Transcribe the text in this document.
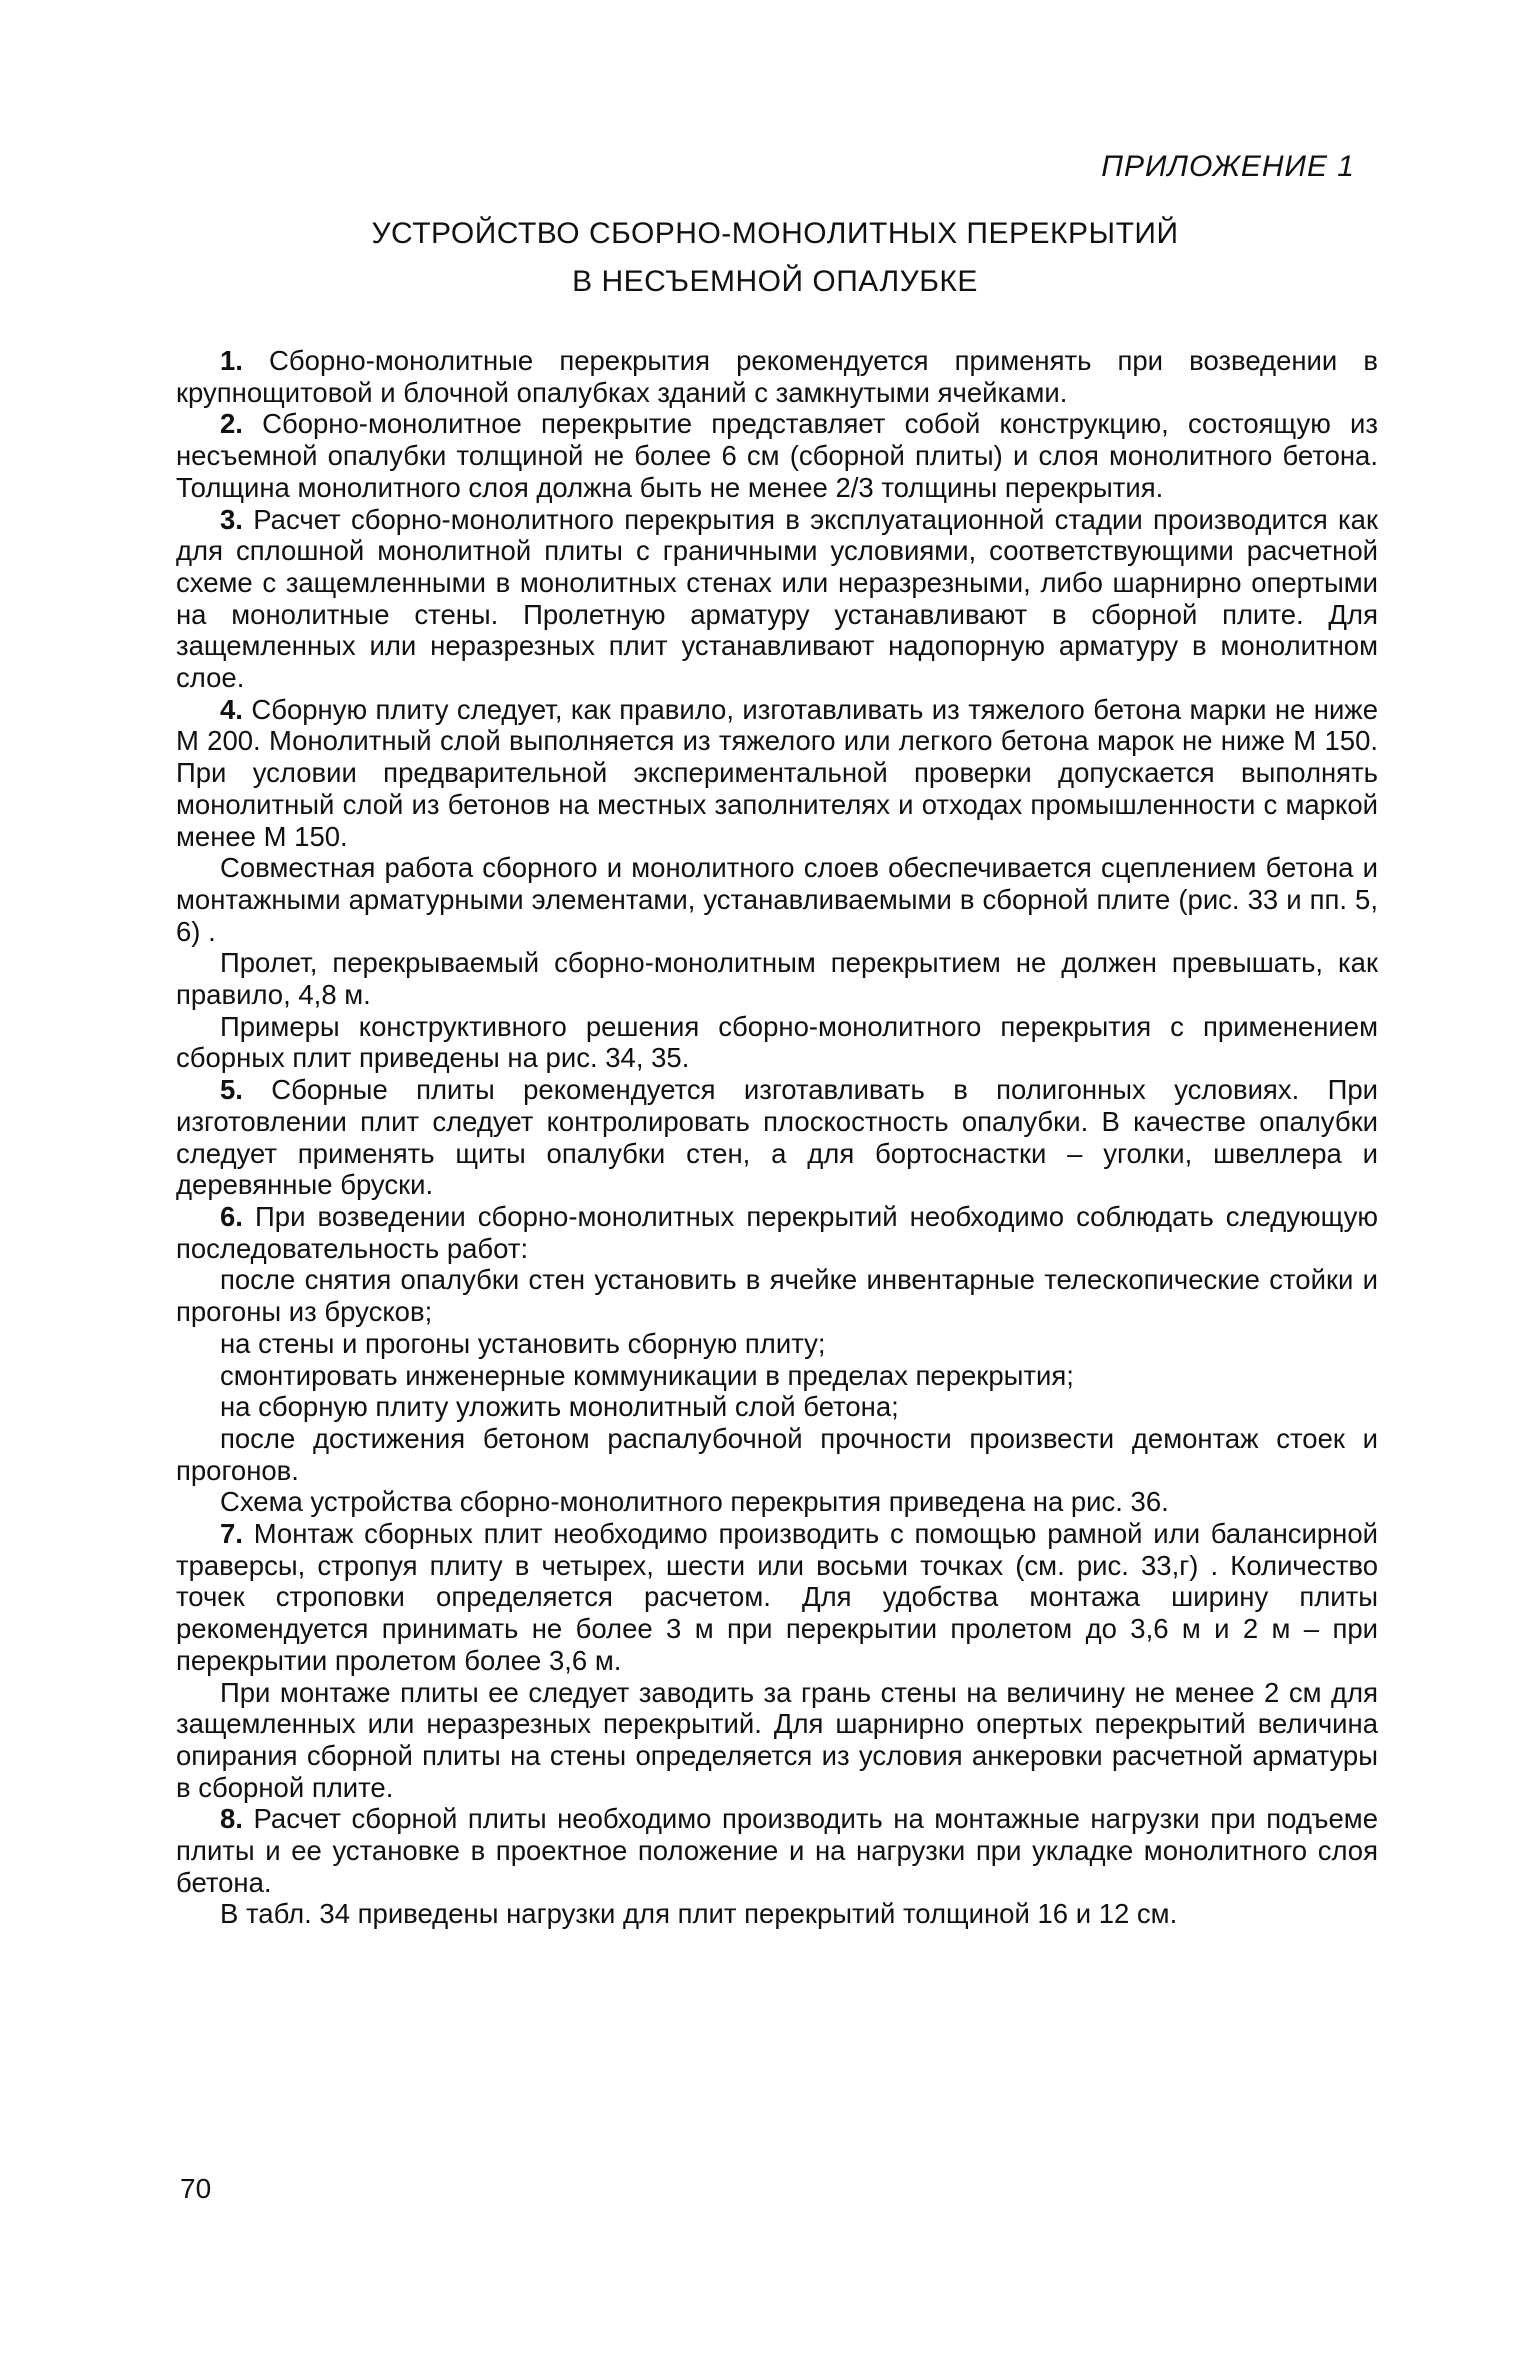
ПРИЛОЖЕНИЕ 1
УСТРОЙСТВО СБОРНО-МОНОЛИТНЫХ ПЕРЕКРЫТИЙ
В НЕСЪЕМНОЙ ОПАЛУБКЕ

1. Сборно-монолитные перекрытия рекомендуется применять при возведении в крупнощитовой и блочной опалубках зданий с замкнутыми ячейками.

2. Сборно-монолитное перекрытие представляет собой конструкцию, состоящую из несъемной опалубки толщиной не более 6 см (сборной плиты) и слоя монолитного бетона. Толщина монолитного слоя должна быть не менее 2/3 толщины перекрытия.

3. Расчет сборно-монолитного перекрытия в эксплуатационной стадии производится как для сплошной монолитной плиты с граничными условиями, соответствующими расчетной схеме с защемленными в монолитных стенах или неразрезными, либо шарнирно опертыми на монолитные стены. Пролетную арматуру устанавливают в сборной плите. Для защемленных или неразрезных плит устанавливают надопорную арматуру в монолитном слое.

4. Сборную плиту следует, как правило, изготавливать из тяжелого бетона марки не ниже М 200. Монолитный слой выполняется из тяжелого или легкого бетона марок не ниже М 150. При условии предварительной экспериментальной проверки допускается выполнять монолитный слой из бетонов на местных заполнителях и отходах промышленности с маркой менее М 150.

Совместная работа сборного и монолитного слоев обеспечивается сцеплением бетона и монтажными арматурными элементами, устанавливаемыми в сборной плите (рис. 33 и пп. 5, 6) .

Пролет, перекрываемый сборно-монолитным перекрытием не должен превышать, как правило, 4,8 м.

Примеры конструктивного решения сборно-монолитного перекрытия с применением сборных плит приведены на рис. 34, 35.

5. Сборные плиты рекомендуется изготавливать в полигонных условиях. При изготовлении плит следует контролировать плоскостность опалубки. В качестве опалубки следует применять щиты опалубки стен, а для бортоснастки – уголки, швеллера и деревянные бруски.

6. При возведении сборно-монолитных перекрытий необходимо соблюдать следующую последовательность работ:

после снятия опалубки стен установить в ячейке инвентарные телескопические стойки и прогоны из брусков;

на стены и прогоны установить сборную плиту;

смонтировать инженерные коммуникации в пределах перекрытия;

на сборную плиту уложить монолитный слой бетона;

после достижения бетоном распалубочной прочности произвести демонтаж стоек и прогонов.

Схема устройства сборно-монолитного перекрытия приведена на рис. 36.

7. Монтаж сборных плит необходимо производить с помощью рамной или балансирной траверсы, стропуя плиту в четырех, шести или восьми точках (см. рис. 33,г) . Количество точек строповки определяется расчетом. Для удобства монтажа ширину плиты рекомендуется принимать не более 3 м при перекрытии пролетом до 3,6 м и 2 м – при перекрытии пролетом более 3,6 м.

При монтаже плиты ее следует заводить за грань стены на величину не менее 2 см для защемленных или неразрезных перекрытий. Для шарнирно опертых перекрытий величина опирания сборной плиты на стены определяется из условия анкеровки расчетной арматуры в сборной плите.

8. Расчет сборной плиты необходимо производить на монтажные нагрузки при подъеме плиты и ее установке в проектное положение и на нагрузки при укладке монолитного слоя бетона.

В табл. 34 приведены нагрузки для плит перекрытий толщиной 16 и 12 см.

70
